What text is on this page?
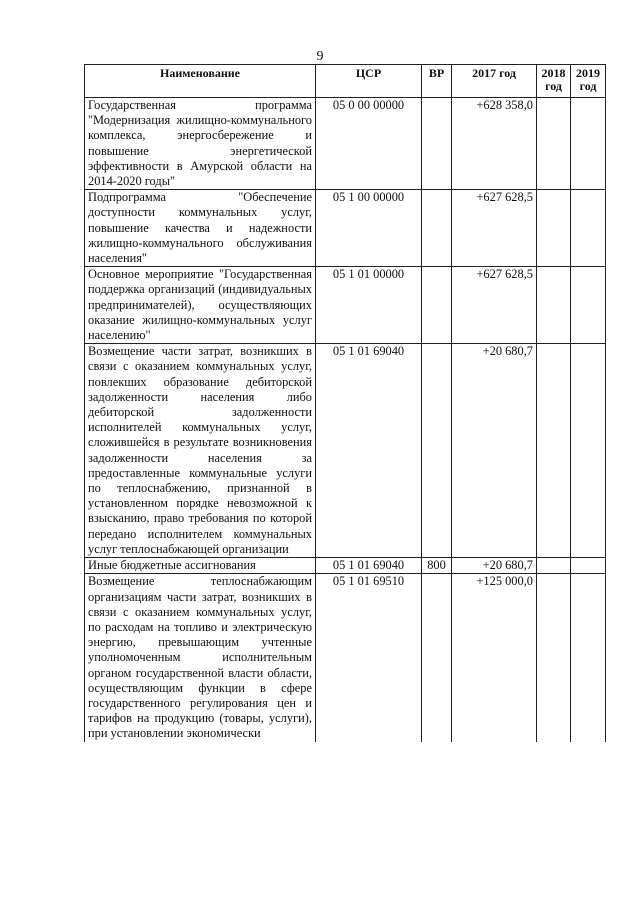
9
Наименование	ЦСР	ВР	2017 год	2018 год	2019 год
Государственная программа "Модернизация жилищно-коммунального комплекса, энергосбережение и повышение энергетической эффективности в Амурской области на 2014-2020 годы"	05 0 00 00000		+628 358,0		
Подпрограмма "Обеспечение доступности коммунальных услуг, повышение качества и надежности жилищно-коммунального обслуживания населения"	05 1 00 00000		+627 628,5		
Основное мероприятие "Государственная поддержка организаций (индивидуальных предпринимателей), осуществляющих оказание жилищно-коммунальных услуг населению"	05 1 01 00000		+627 628,5		
Возмещение части затрат, возникших в связи с оказанием коммунальных услуг, повлекших образование дебиторской задолженности населения либо дебиторской задолженности исполнителей коммунальных услуг, сложившейся в результате возникновения задолженности населения за предоставленные коммунальные услуги по теплоснабжению, признанной в установленном порядке невозможной к взысканию, право требования по которой передано исполнителем коммунальных услуг теплоснабжающей организации	05 1 01 69040		+20 680,7		
Иные бюджетные ассигнования	05 1 01 69040	800	+20 680,7		
Возмещение теплоснабжающим организациям части затрат, возникших в связи с оказанием коммунальных услуг, по расходам на топливо и электрическую энергию, превышающим учтенные уполномоченным исполнительным органом государственной власти области, осуществляющим функции в сфере государственного регулирования цен и тарифов на продукцию (товары, услуги), при установлении экономически	05 1 01 69510		+125 000,0		
